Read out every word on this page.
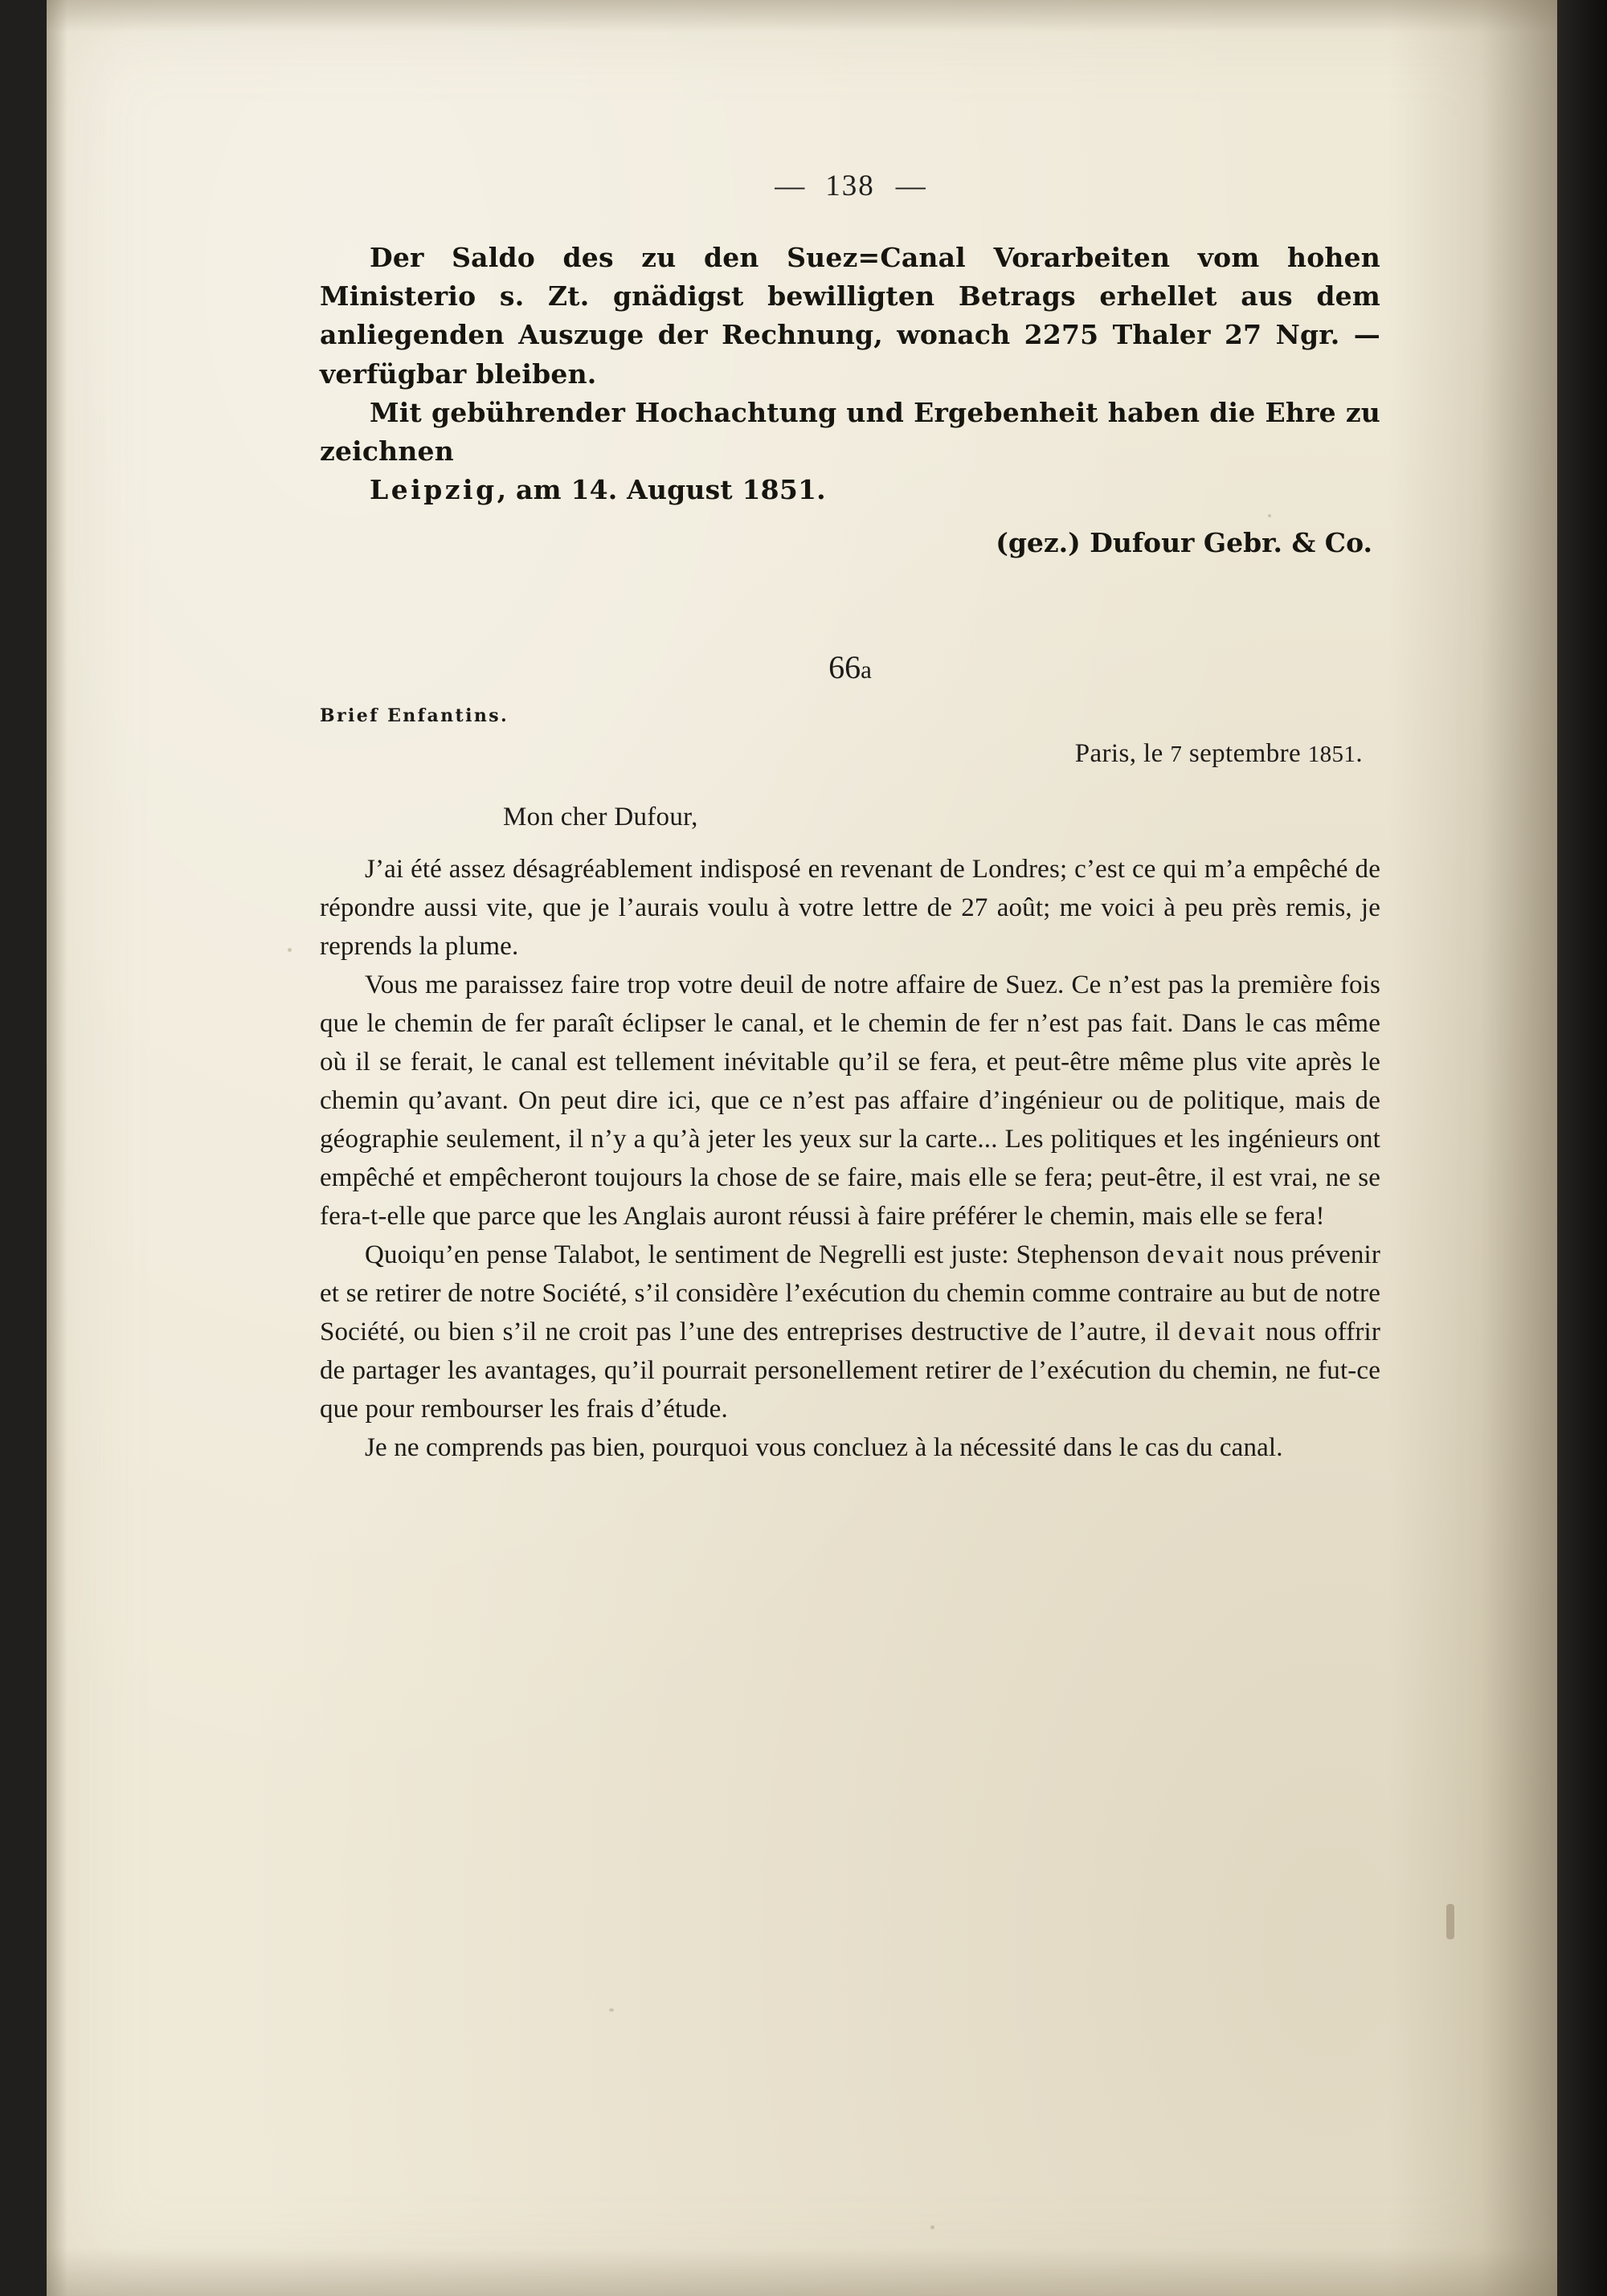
— 138 —

Der Saldo des zu den Suez=Canal Vorarbeiten vom hohen Ministerio s. Zt. gnädigst bewilligten Betrags erhellet aus dem anliegenden Auszuge der Rechnung, wonach 2275 Thaler 27 Ngr. — verfügbar bleiben.

Mit gebührender Hochachtung und Ergebenheit haben die Ehre zu zeichnen

Leipzig, am 14. August 1851.

(gez.) Dufour Gebr. & Co.
66a
Brief Enfantins.
Paris, le 7 septembre 1851.
Mon cher Dufour,

J’ai été assez désagréablement indisposé en revenant de Londres; c’est ce qui m’a empêché de répondre aussi vite, que je l’aurais voulu à votre lettre de 27 août; me voici à peu près remis, je reprends la plume.

Vous me paraissez faire trop votre deuil de notre affaire de Suez. Ce n’est pas la première fois que le chemin de fer paraît éclipser le canal, et le chemin de fer n’est pas fait. Dans le cas même où il se ferait, le canal est tellement inévitable qu’il se fera, et peut-être même plus vite après le chemin qu’avant. On peut dire ici, que ce n’est pas affaire d’ingénieur ou de politique, mais de géographie seulement, il n’y a qu’à jeter les yeux sur la carte... Les politiques et les ingénieurs ont empêché et empêcheront toujours la chose de se faire, mais elle se fera; peut-être, il est vrai, ne se fera-t-elle que parce que les Anglais auront réussi à faire préférer le chemin, mais elle se fera!

Quoiqu’en pense Talabot, le sentiment de Negrelli est juste: Stephenson devait nous prévenir et se retirer de notre Société, s’il considère l’exécution du chemin comme contraire au but de notre Société, ou bien s’il ne croit pas l’une des entreprises destructive de l’autre, il devait nous offrir de partager les avantages, qu’il pourrait personellement retirer de l’exécution du chemin, ne fut-ce que pour rembourser les frais d’étude.

Je ne comprends pas bien, pourquoi vous concluez à la nécessité dans le cas du canal.
